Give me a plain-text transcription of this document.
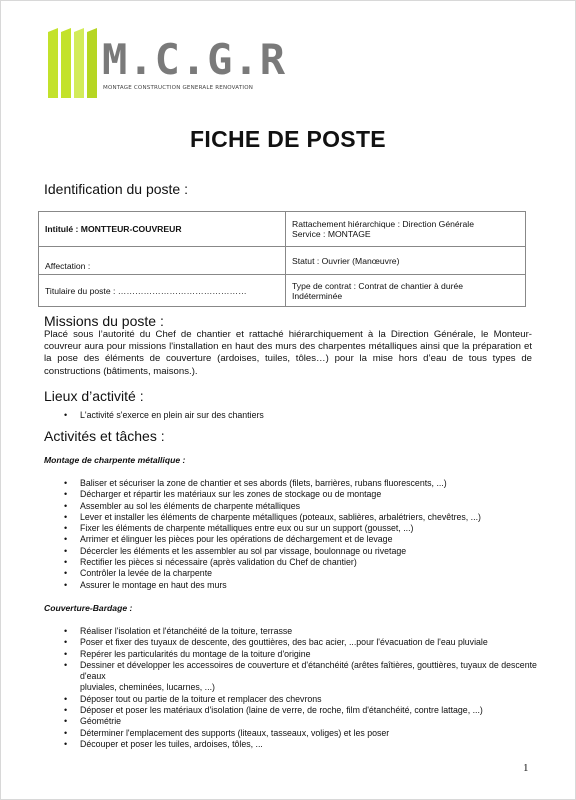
M.C.G.R
MONTAGE CONSTRUCTION GENERALE RENOVATION
FICHE DE POSTE
Identification du poste :
Intitulé : MONTTEUR-COUVREUR	Rattachement hiérarchique : Direction Générale
Service : MONTAGE
Affectation :	Statut : Ouvrier (Manœuvre)
Titulaire du poste : ………………………………………	Type de contrat : Contrat de chantier à durée
Indéterminée
Missions du poste :
Placé sous l’autorité du Chef de chantier et rattaché hiérarchiquement à la Direction Générale, le Monteur-couvreur aura pour missions l'installation en haut des murs des charpentes métalliques ainsi que la préparation et la pose des éléments de couverture (ardoises, tuiles, tôles…) pour la mise hors d’eau de tous types de constructions (bâtiments, maisons.).
Lieux d’activité :
• L'activité s'exerce en plein air sur des chantiers
Activités et tâches :
Montage de charpente métallique :
• Baliser et sécuriser la zone de chantier et ses abords (filets, barrières, rubans fluorescents, ...)
• Décharger et répartir les matériaux sur les zones de stockage ou de montage
• Assembler au sol les éléments de charpente métalliques
• Lever et installer les éléments de charpente métalliques (poteaux, sablières, arbalétriers, chevêtres, ...)
• Fixer les éléments de charpente métalliques entre eux ou sur un support (gousset, ...)
• Arrimer et élinguer les pièces pour les opérations de déchargement et de levage
• Décercler les éléments et les assembler au sol par vissage, boulonnage ou rivetage
• Rectifier les pièces si nécessaire (après validation du Chef de chantier)
• Contrôler la levée de la charpente
• Assurer le montage en haut des murs
Couverture-Bardage :
• Réaliser l'isolation et l'étanchéité de la toiture, terrasse
• Poser et fixer des tuyaux de descente, des gouttières, des bac acier, ...pour l'évacuation de l'eau pluviale
• Repérer les particularités du montage de la toiture d'origine
• Dessiner et développer les accessoires de couverture et d'étanchéité (arêtes faîtières, gouttières, tuyaux de descente d'eaux
pluviales, cheminées, lucarnes, ...)
• Déposer tout ou partie de la toiture et remplacer des chevrons
• Déposer et poser les matériaux d'isolation (laine de verre, de roche, film d'étanchéité, contre lattage, ...)
• Géométrie
• Déterminer l'emplacement des supports (liteaux, tasseaux, voliges) et les poser
• Découper et poser les tuiles, ardoises, tôles, ...
1
